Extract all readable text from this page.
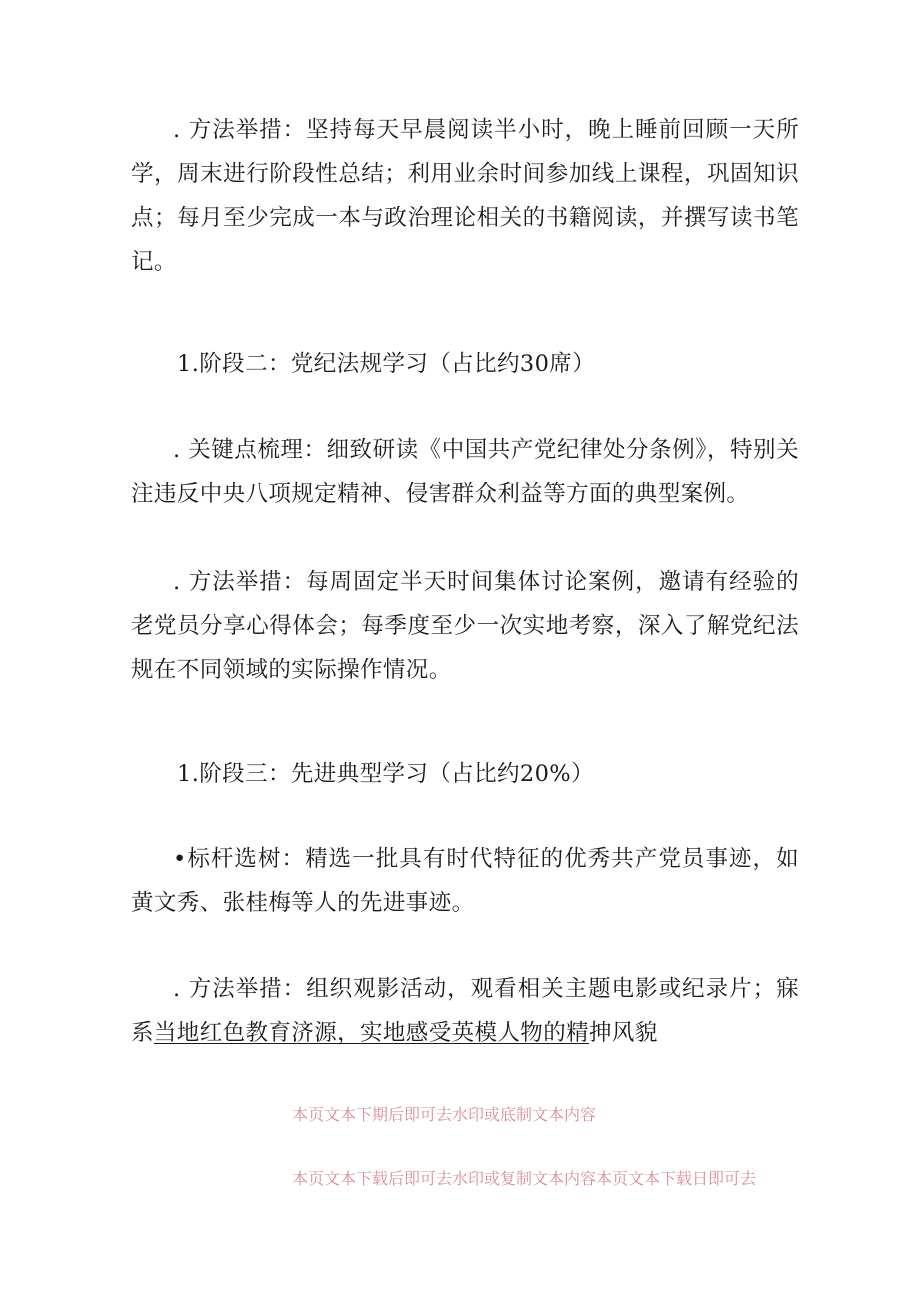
. 方法举措：坚持每天早晨阅读半小时，晚上睡前回顾一天所学，周末进行阶段性总结；利用业余时间参加线上课程，巩固知识点；每月至少完成一本与政治理论相关的书籍阅读，并撰写读书笔记。

1.阶段二：党纪法规学习（占比约30席）

. 关键点梳理：细致研读《中国共产党纪律处分条例》，特别关注违反中央八项规定精神、侵害群众利益等方面的典型案例。

. 方法举措：每周固定半天时间集体讨论案例，邀请有经验的老党员分享心得体会；每季度至少一次实地考察，深入了解党纪法规在不同领域的实际操作情况。

1.阶段三：先进典型学习（占比约20%）

•标杆选树：精选一批具有时代特征的优秀共产党员事迹，如黄文秀、张桂梅等人的先进事迹。

. 方法举措：组织观影活动，观看相关主题电影或纪录片；寐系当地红色教育济源，实地感受英模人物的精抻风貌

本页文本下期后即可去水印或底制文本内容

本页文本下载后即可去水印或复制文本内容本页文本下载日即可去
